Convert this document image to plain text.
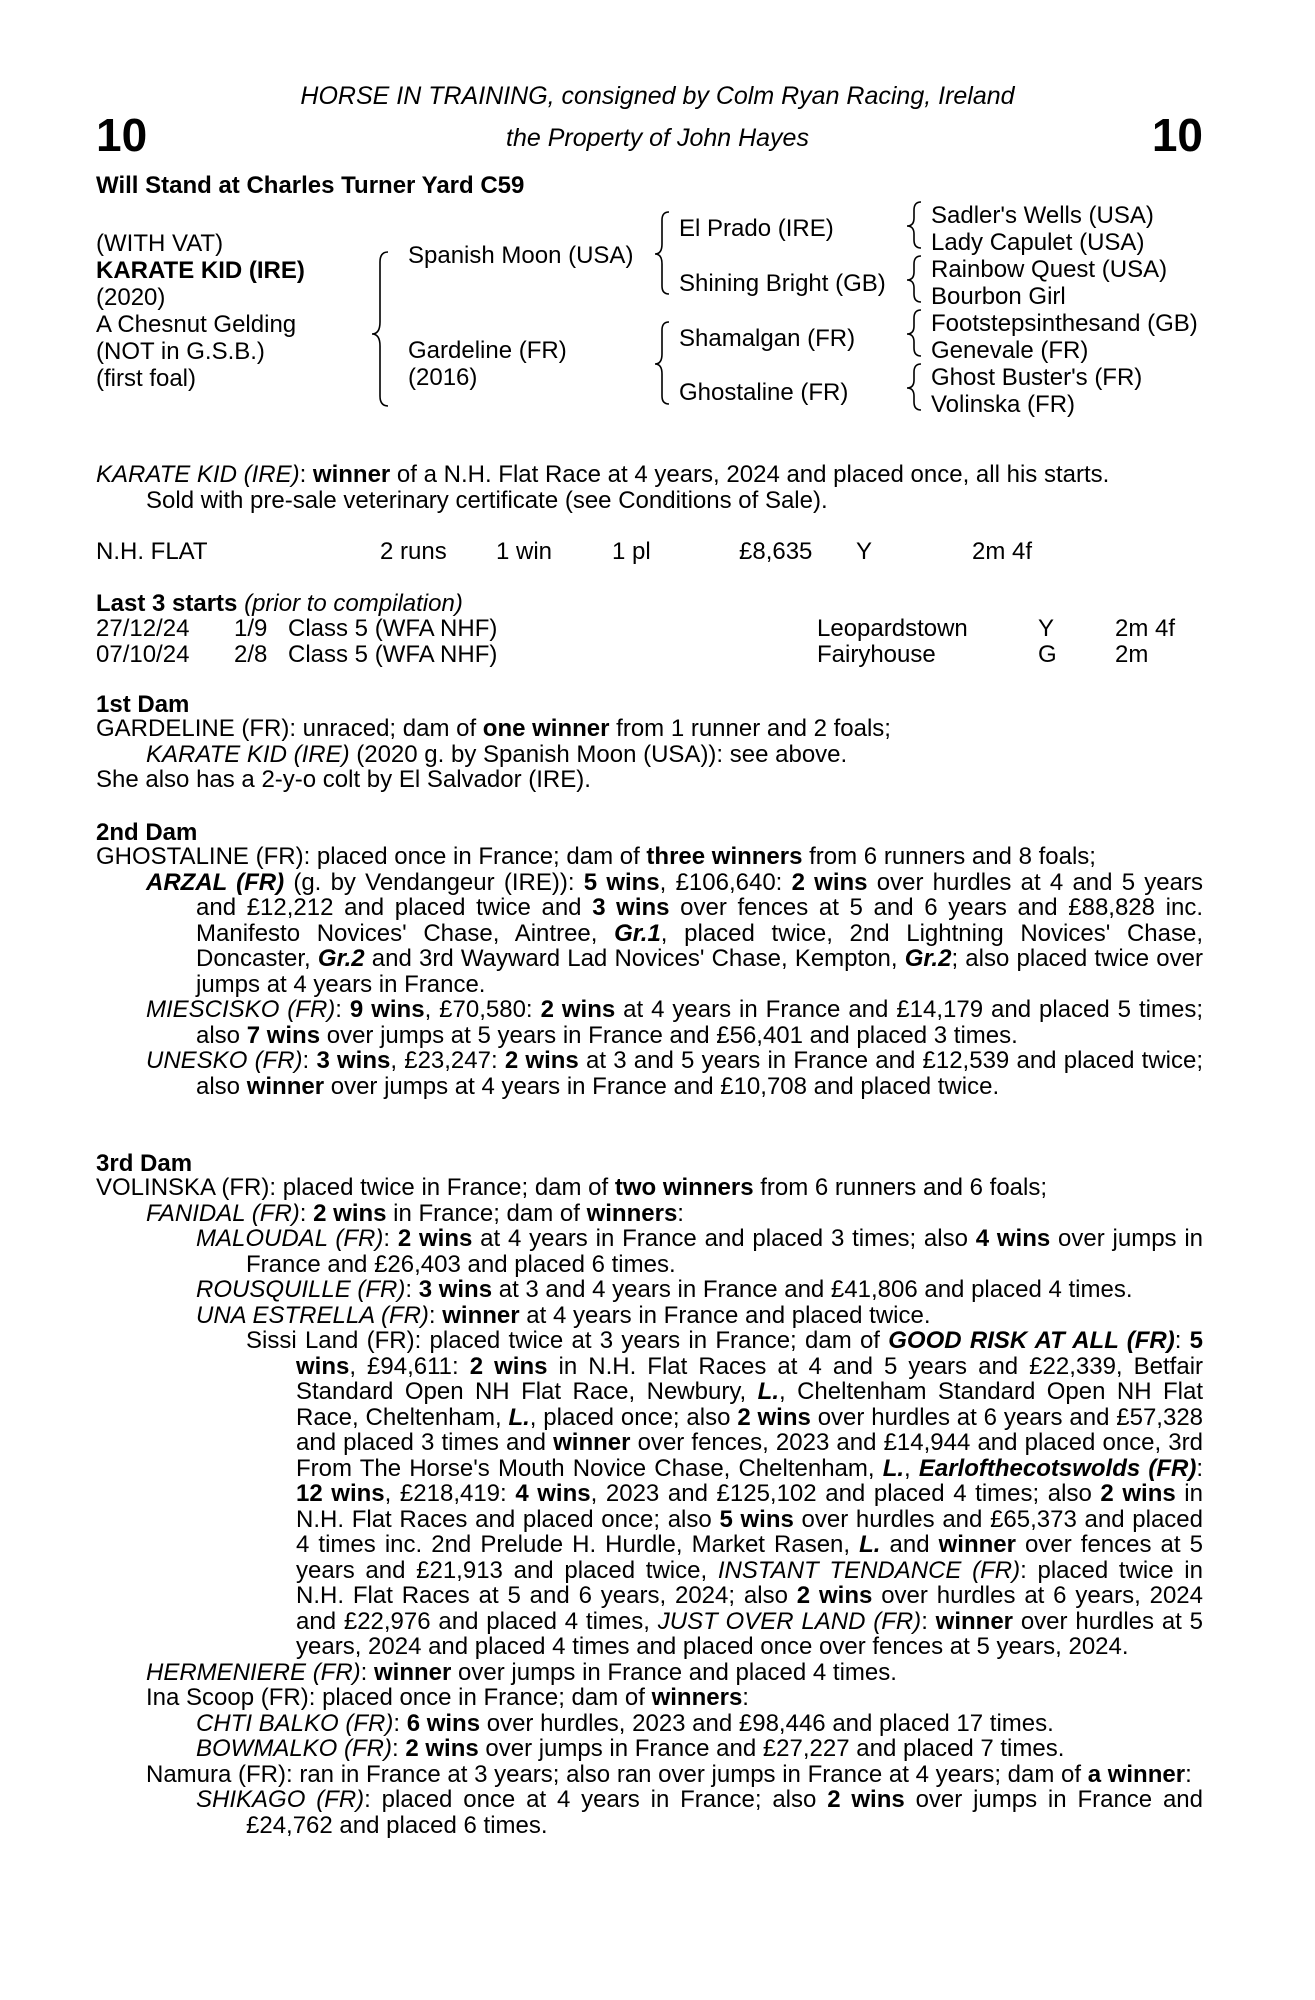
10	10
HORSE IN TRAINING, consigned by Colm Ryan Racing, Ireland
the Property of John Hayes
Will Stand at Charles Turner Yard C59
(WITH VAT)
KARATE KID (IRE)
(2020)
A Chesnut Gelding
(NOT in G.S.B.)
(first foal)
Spanish Moon (USA)
Gardeline (FR)
(2016)
El Prado (IRE)
Shining Bright (GB)
Shamalgan (FR)
Ghostaline (FR)
Sadler's Wells (USA)
Lady Capulet (USA)
Rainbow Quest (USA)
Bourbon Girl
Footstepsinthesand (GB)
Genevale (FR)
Ghost Buster's (FR)
Volinska (FR)

KARATE KID (IRE): winner of a N.H. Flat Race at 4 years, 2024 and placed once, all his starts.

Sold with pre-sale veterinary certificate (see Conditions of Sale).

N.H. FLAT	2 runs 1 win 1 pl	£8,635 Y	2m 4f
Last 3 starts (prior to compilation)
27/12/24 1/9 Class 5 (WFA NHF)	Leopardstown	Y	2m 4f
07/10/24 2/8 Class 5 (WFA NHF)	Fairyhouse	G 2m
1st Dam

GARDELINE (FR): unraced; dam of one winner from 1 runner and 2 foals;

KARATE KID (IRE) (2020 g. by Spanish Moon (USA)): see above.

She also has a 2-y-o colt by El Salvador (IRE).

2nd Dam

GHOSTALINE (FR): placed once in France; dam of three winners from 6 runners and 8 foals;

ARZAL (FR) (g. by Vendangeur (IRE)): 5 wins, £106,640: 2 wins over hurdles at 4 and 5 years and £12,212 and placed twice and 3 wins over fences at 5 and 6 years and £88,828 inc. Manifesto Novices' Chase, Aintree, Gr.1, placed twice, 2nd Lightning Novices' Chase, Doncaster, Gr.2 and 3rd Wayward Lad Novices' Chase, Kempton, Gr.2; also placed twice over jumps at 4 years in France.

MIESCISKO (FR): 9 wins, £70,580: 2 wins at 4 years in France and £14,179 and placed 5 times; also 7 wins over jumps at 5 years in France and £56,401 and placed 3 times.

UNESKO (FR): 3 wins, £23,247: 2 wins at 3 and 5 years in France and £12,539 and placed twice; also winner over jumps at 4 years in France and £10,708 and placed twice.

3rd Dam

VOLINSKA (FR): placed twice in France; dam of two winners from 6 runners and 6 foals;

FANIDAL (FR): 2 wins in France; dam of winners:

MALOUDAL (FR): 2 wins at 4 years in France and placed 3 times; also 4 wins over jumps in France and £26,403 and placed 6 times.

ROUSQUILLE (FR): 3 wins at 3 and 4 years in France and £41,806 and placed 4 times.

UNA ESTRELLA (FR): winner at 4 years in France and placed twice.

Sissi Land (FR): placed twice at 3 years in France; dam of GOOD RISK AT ALL (FR): 5 wins, £94,611: 2 wins in N.H. Flat Races at 4 and 5 years and £22,339, Betfair Standard Open NH Flat Race, Newbury, L., Cheltenham Standard Open NH Flat Race, Cheltenham, L., placed once; also 2 wins over hurdles at 6 years and £57,328 and placed 3 times and winner over fences, 2023 and £14,944 and placed once, 3rd From The Horse's Mouth Novice Chase, Cheltenham, L., Earlofthecotswolds (FR): 12 wins, £218,419: 4 wins, 2023 and £125,102 and placed 4 times; also 2 wins in N.H. Flat Races and placed once; also 5 wins over hurdles and £65,373 and placed 4 times inc. 2nd Prelude H. Hurdle, Market Rasen, L. and winner over fences at 5 years and £21,913 and placed twice, INSTANT TENDANCE (FR): placed twice in N.H. Flat Races at 5 and 6 years, 2024; also 2 wins over hurdles at 6 years, 2024 and £22,976 and placed 4 times, JUST OVER LAND (FR): winner over hurdles at 5 years, 2024 and placed 4 times and placed once over fences at 5 years, 2024.

HERMENIERE (FR): winner over jumps in France and placed 4 times.

Ina Scoop (FR): placed once in France; dam of winners:

CHTI BALKO (FR): 6 wins over hurdles, 2023 and £98,446 and placed 17 times.

BOWMALKO (FR): 2 wins over jumps in France and £27,227 and placed 7 times.

Namura (FR): ran in France at 3 years; also ran over jumps in France at 4 years; dam of a winner:

SHIKAGO (FR): placed once at 4 years in France; also 2 wins over jumps in France and £24,762 and placed 6 times.
